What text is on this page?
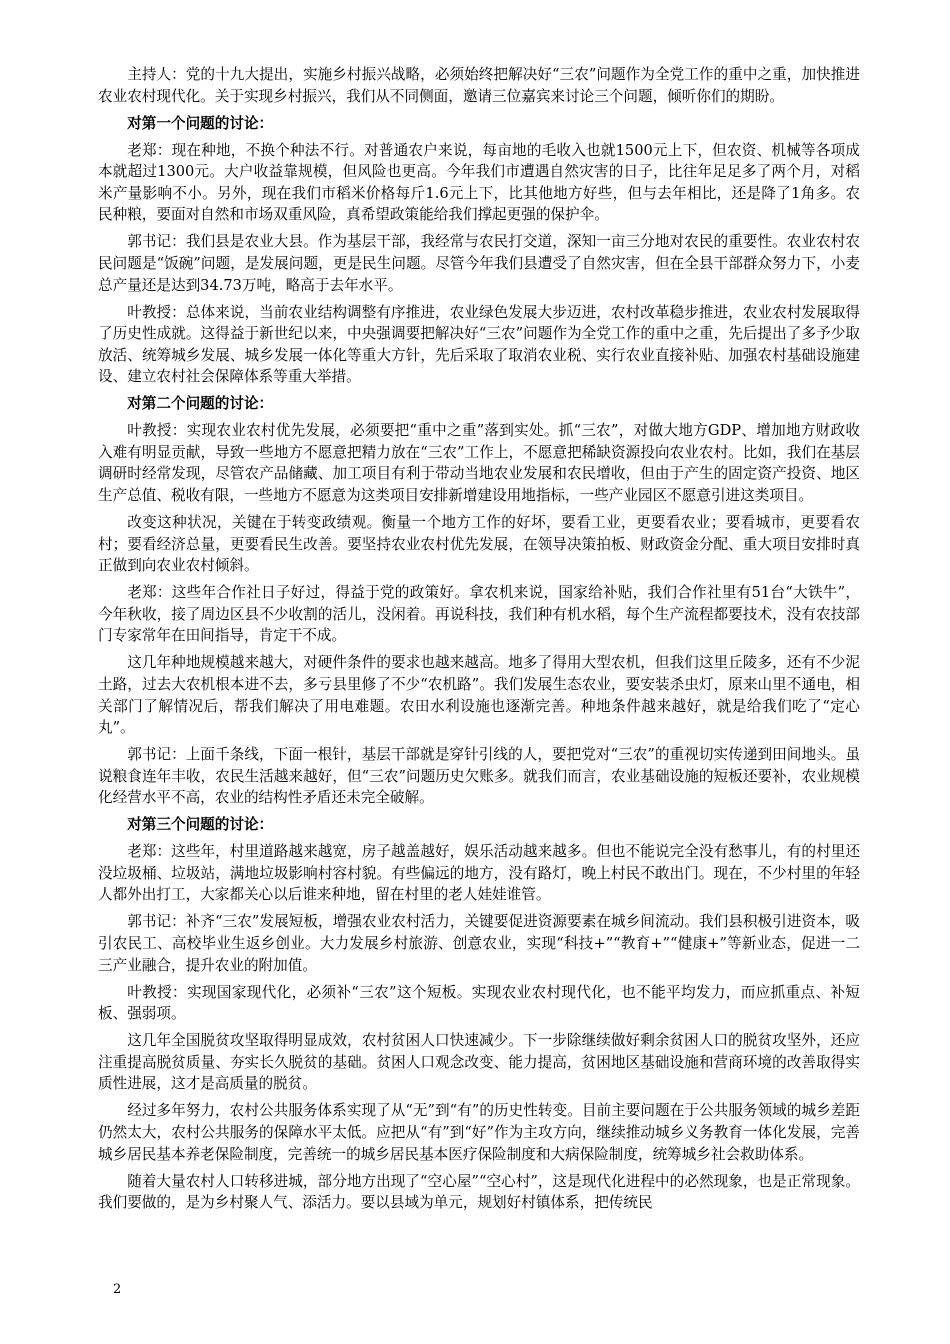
主持人：党的十九大提出，实施乡村振兴战略，必须始终把解决好“三农”问题作为全党工作的重中之重，加快推进农业农村现代化。关于实现乡村振兴，我们从不同侧面，邀请三位嘉宾来讨论三个问题，倾听你们的期盼。

对第一个问题的讨论：

老郑：现在种地，不换个种法不行。对普通农户来说，每亩地的毛收入也就1500元上下，但农资、机械等各项成本就超过1300元。大户收益靠规模，但风险也更高。今年我们市遭遇自然灾害的日子，比往年足足多了两个月，对稻米产量影响不小。另外，现在我们市稻米价格每斤1.6元上下，比其他地方好些，但与去年相比，还是降了1角多。农民种粮，要面对自然和市场双重风险，真希望政策能给我们撑起更强的保护伞。

郭书记：我们县是农业大县。作为基层干部，我经常与农民打交道，深知一亩三分地对农民的重要性。农业农村农民问题是“饭碗”问题，是发展问题，更是民生问题。尽管今年我们县遭受了自然灾害，但在全县干部群众努力下，小麦总产量还是达到34.73万吨，略高于去年水平。

叶教授：总体来说，当前农业结构调整有序推进，农业绿色发展大步迈进，农村改革稳步推进，农业农村发展取得了历史性成就。这得益于新世纪以来，中央强调要把解决好“三农”问题作为全党工作的重中之重，先后提出了多予少取放活、统筹城乡发展、城乡发展一体化等重大方针，先后采取了取消农业税、实行农业直接补贴、加强农村基础设施建设、建立农村社会保障体系等重大举措。

对第二个问题的讨论：

叶教授：实现农业农村优先发展，必须要把“重中之重”落到实处。抓“三农”，对做大地方GDP、增加地方财政收入难有明显贡献，导致一些地方不愿意把精力放在“三农”工作上，不愿意把稀缺资源投向农业农村。比如，我们在基层调研时经常发现，尽管农产品储藏、加工项目有利于带动当地农业发展和农民增收，但由于产生的固定资产投资、地区生产总值、税收有限，一些地方不愿意为这类项目安排新增建设用地指标，一些产业园区不愿意引进这类项目。

改变这种状况，关键在于转变政绩观。衡量一个地方工作的好坏，要看工业，更要看农业；要看城市，更要看农村；要看经济总量，更要看民生改善。要坚持农业农村优先发展，在领导决策拍板、财政资金分配、重大项目安排时真正做到向农业农村倾斜。

老郑：这些年合作社日子好过，得益于党的政策好。拿农机来说，国家给补贴，我们合作社里有51台“大铁牛”，今年秋收，接了周边区县不少收割的活儿，没闲着。再说科技，我们种有机水稻，每个生产流程都要技术，没有农技部门专家常年在田间指导，肯定干不成。

这几年种地规模越来越大，对硬件条件的要求也越来越高。地多了得用大型农机，但我们这里丘陵多，还有不少泥土路，过去大农机根本进不去，多亏县里修了不少“农机路”。我们发展生态农业，要安装杀虫灯，原来山里不通电，相关部门了解情况后，帮我们解决了用电难题。农田水利设施也逐渐完善。种地条件越来越好，就是给我们吃了“定心丸”。

郭书记：上面千条线，下面一根针，基层干部就是穿针引线的人，要把党对“三农”的重视切实传递到田间地头。虽说粮食连年丰收，农民生活越来越好，但“三农”问题历史欠账多。就我们而言，农业基础设施的短板还要补，农业规模化经营水平不高，农业的结构性矛盾还未完全破解。

对第三个问题的讨论：

老郑：这些年，村里道路越来越宽，房子越盖越好，娱乐活动越来越多。但也不能说完全没有愁事儿，有的村里还没垃圾桶、垃圾站，满地垃圾影响村容村貌。有些偏远的地方，没有路灯，晚上村民不敢出门。现在，不少村里的年轻人都外出打工，大家都关心以后谁来种地，留在村里的老人娃娃谁管。

郭书记：补齐“三农”发展短板，增强农业农村活力，关键要促进资源要素在城乡间流动。我们县积极引进资本，吸引农民工、高校毕业生返乡创业。大力发展乡村旅游、创意农业，实现“科技+”“教育+”“健康+”等新业态，促进一二三产业融合，提升农业的附加值。

叶教授：实现国家现代化，必须补“三农”这个短板。实现农业农村现代化，也不能平均发力，而应抓重点、补短板、强弱项。

这几年全国脱贫攻坚取得明显成效，农村贫困人口快速减少。下一步除继续做好剩余贫困人口的脱贫攻坚外，还应注重提高脱贫质量、夯实长久脱贫的基础。贫困人口观念改变、能力提高，贫困地区基础设施和营商环境的改善取得实质性进展，这才是高质量的脱贫。

经过多年努力，农村公共服务体系实现了从“无”到“有”的历史性转变。目前主要问题在于公共服务领域的城乡差距仍然太大，农村公共服务的保障水平太低。应把从“有”到“好”作为主攻方向，继续推动城乡义务教育一体化发展，完善城乡居民基本养老保险制度，完善统一的城乡居民基本医疗保险制度和大病保险制度，统筹城乡社会救助体系。

随着大量农村人口转移进城，部分地方出现了“空心屋”“空心村”，这是现代化进程中的必然现象，也是正常现象。我们要做的，是为乡村聚人气、添活力。要以县域为单元，规划好村镇体系，把传统民

2
